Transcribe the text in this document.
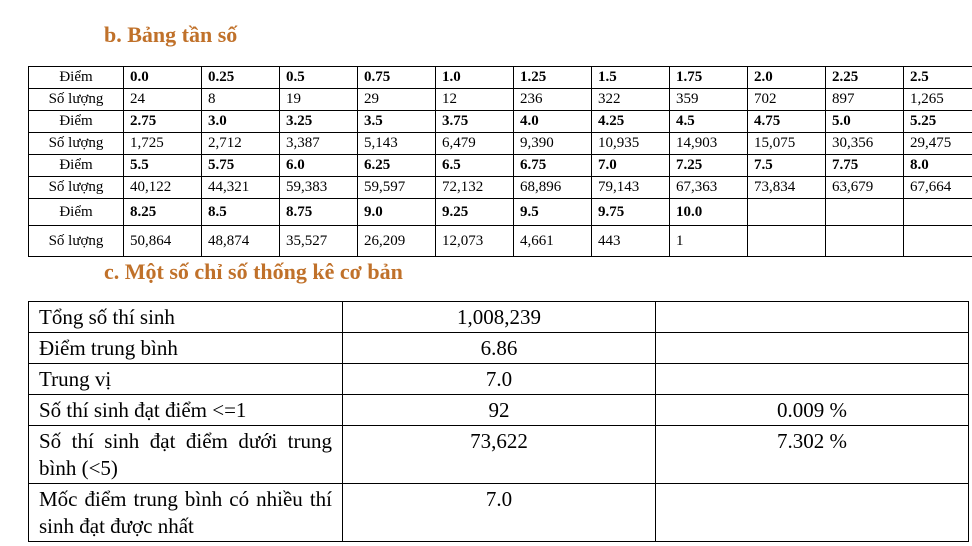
b. Bảng tần số
Điểm	0.0	0.25	0.5	0.75	1.0	1.25	1.5	1.75	2.0	2.25	2.5
Số lượng	24	8	19	29	12	236	322	359	702	897	1,265
Điểm	2.75	3.0	3.25	3.5	3.75	4.0	4.25	4.5	4.75	5.0	5.25
Số lượng	1,725	2,712	3,387	5,143	6,479	9,390	10,935	14,903	15,075	30,356	29,475
Điểm	5.5	5.75	6.0	6.25	6.5	6.75	7.0	7.25	7.5	7.75	8.0
Số lượng	40,122	44,321	59,383	59,597	72,132	68,896	79,143	67,363	73,834	63,679	67,664
Điểm	8.25	8.5	8.75	9.0	9.25	9.5	9.75	10.0			
Số lượng	50,864	48,874	35,527	26,209	12,073	4,661	443	1			
c. Một số chỉ số thống kê cơ bản
Tổng số thí sinh	1,008,239	
Điểm trung bình	6.86	
Trung vị	7.0	
Số thí sinh đạt điểm <=1	92	0.009 %
Số thí sinh đạt điểm dưới trung bình (<5)	73,622	7.302 %
Mốc điểm trung bình có nhiều thí sinh đạt được nhất	7.0	
